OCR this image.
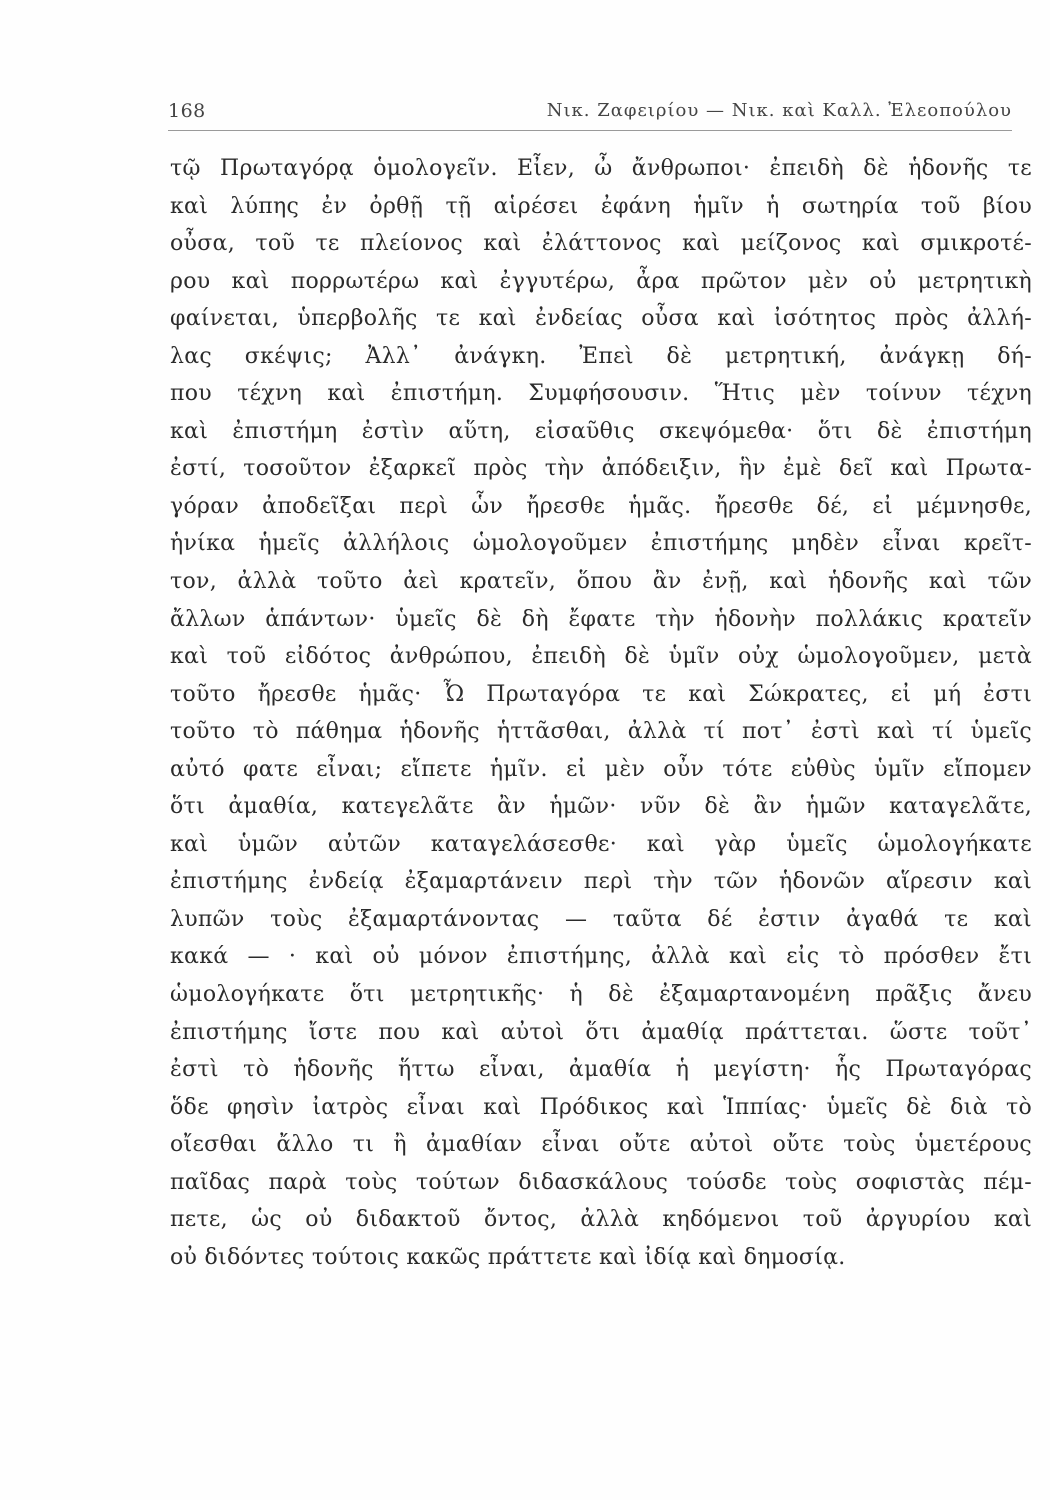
168	Νικ. Ζαφειρίου — Νικ. καὶ Καλλ. Ἐλεοπούλου
τῷ Πρωταγόρᾳ ὁμολογεῖν. Εἶεν, ὦ ἄνθρωποι· ἐπειδὴ δὲ ἡδονῆς τε
καὶ λύπης ἐν ὀρθῇ τῇ αἱρέσει ἐφάνη ἡμῖν ἡ σωτηρία τοῦ βίου
οὖσα, τοῦ τε πλείονος καὶ ἐλάττονος καὶ μείζονος καὶ σμικροτέ-
ρου καὶ πορρωτέρω καὶ ἐγγυτέρω, ἆρα πρῶτον μὲν οὐ μετρητικὴ
φαίνεται, ὑπερβολῆς τε καὶ ἐνδείας οὖσα καὶ ἰσότητος πρὸς ἀλλή-
λας σκέψις; Ἀλλ᾽ ἀνάγκη. Ἐπεὶ δὲ μετρητική, ἀνάγκῃ δή-
που τέχνη καὶ ἐπιστήμη. Συμφήσουσιν. Ἥτις μὲν τοίνυν τέχνη
καὶ ἐπιστήμη ἐστὶν αὕτη, εἰσαῦθις σκεψόμεθα· ὅτι δὲ ἐπιστήμη
ἐστί, τοσοῦτον ἐξαρκεῖ πρὸς τὴν ἀπόδειξιν, ἣν ἐμὲ δεῖ καὶ Πρωτα-
γόραν ἀποδεῖξαι περὶ ὧν ἤρεσθε ἡμᾶς. ἤρεσθε δέ, εἰ μέμνησθε,
ἡνίκα ἡμεῖς ἀλλήλοις ὡμολογοῦμεν ἐπιστήμης μηδὲν εἶναι κρεῖτ-
τον, ἀλλὰ τοῦτο ἀεὶ κρατεῖν, ὅπου ἂν ἐνῇ, καὶ ἡδονῆς καὶ τῶν
ἄλλων ἁπάντων· ὑμεῖς δὲ δὴ ἔφατε τὴν ἡδονὴν πολλάκις κρατεῖν
καὶ τοῦ εἰδότος ἀνθρώπου, ἐπειδὴ δὲ ὑμῖν οὐχ ὡμολογοῦμεν, μετὰ
τοῦτο ἤρεσθε ἡμᾶς· Ὦ Πρωταγόρα τε καὶ Σώκρατες, εἰ μή ἐστι
τοῦτο τὸ πάθημα ἡδονῆς ἡττᾶσθαι, ἀλλὰ τί ποτ᾽ ἐστὶ καὶ τί ὑμεῖς
αὐτό φατε εἶναι; εἴπετε ἡμῖν. εἰ μὲν οὖν τότε εὐθὺς ὑμῖν εἴπομεν
ὅτι ἀμαθία, κατεγελᾶτε ἂν ἡμῶν· νῦν δὲ ἂν ἡμῶν καταγελᾶτε,
καὶ ὑμῶν αὐτῶν καταγελάσεσθε· καὶ γὰρ ὑμεῖς ὡμολογήκατε
ἐπιστήμης ἐνδείᾳ ἐξαμαρτάνειν περὶ τὴν τῶν ἡδονῶν αἵρεσιν καὶ
λυπῶν τοὺς ἐξαμαρτάνοντας — ταῦτα δέ ἐστιν ἀγαθά τε καὶ
κακά — · καὶ οὐ μόνον ἐπιστήμης, ἀλλὰ καὶ εἰς τὸ πρόσθεν ἔτι
ὡμολογήκατε ὅτι μετρητικῆς· ἡ δὲ ἐξαμαρτανομένη πρᾶξις ἄνευ
ἐπιστήμης ἴστε που καὶ αὐτοὶ ὅτι ἀμαθίᾳ πράττεται. ὥστε τοῦτ᾽
ἐστὶ τὸ ἡδονῆς ἥττω εἶναι, ἀμαθία ἡ μεγίστη· ἧς Πρωταγόρας
ὅδε φησὶν ἰατρὸς εἶναι καὶ Πρόδικος καὶ Ἱππίας· ὑμεῖς δὲ διὰ τὸ
οἴεσθαι ἄλλο τι ἢ ἀμαθίαν εἶναι οὔτε αὐτοὶ οὔτε τοὺς ὑμετέρους
παῖδας παρὰ τοὺς τούτων διδασκάλους τούσδε τοὺς σοφιστὰς πέμ-
πετε, ὡς οὐ διδακτοῦ ὄντος, ἀλλὰ κηδόμενοι τοῦ ἀργυρίου καὶ
οὐ διδόντες τούτοις κακῶς πράττετε καὶ ἰδίᾳ καὶ δημοσίᾳ.
